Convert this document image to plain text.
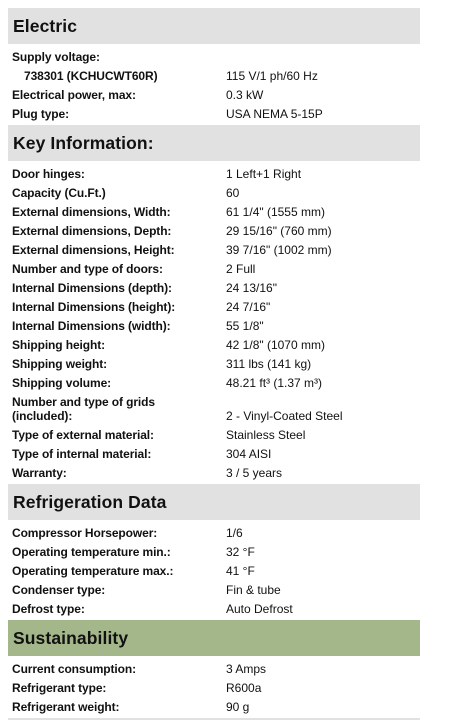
Electric
Supply voltage:
738301 (KCHUCWT60R)	115 V/1 ph/60 Hz
Electrical power, max:	0.3 kW
Plug type:	USA NEMA 5-15P
Key Information:
Door hinges:	1 Left+1 Right
Capacity (Cu.Ft.)	60
External dimensions, Width:	61 1/4" (1555 mm)
External dimensions, Depth:	29 15/16" (760 mm)
External dimensions, Height:	39 7/16" (1002 mm)
Number and type of doors:	2 Full
Internal Dimensions (depth):	24 13/16"
Internal Dimensions (height):	24 7/16"
Internal Dimensions (width):	55 1/8"
Shipping height:	42 1/8" (1070 mm)
Shipping weight:	311 lbs (141 kg)
Shipping volume:	48.21 ft³ (1.37 m³)
Number and type of grids
(included):	2 - Vinyl-Coated Steel
Type of external material:	Stainless Steel
Type of internal material:	304 AISI
Warranty:	3 / 5 years
Refrigeration Data
Compressor Horsepower:	1/6
Operating temperature min.:	32 °F
Operating temperature max.:	41 °F
Condenser type:	Fin & tube
Defrost type:	Auto Defrost
Sustainability
Current consumption:	3 Amps
Refrigerant type:	R600a
Refrigerant weight:	90 g
